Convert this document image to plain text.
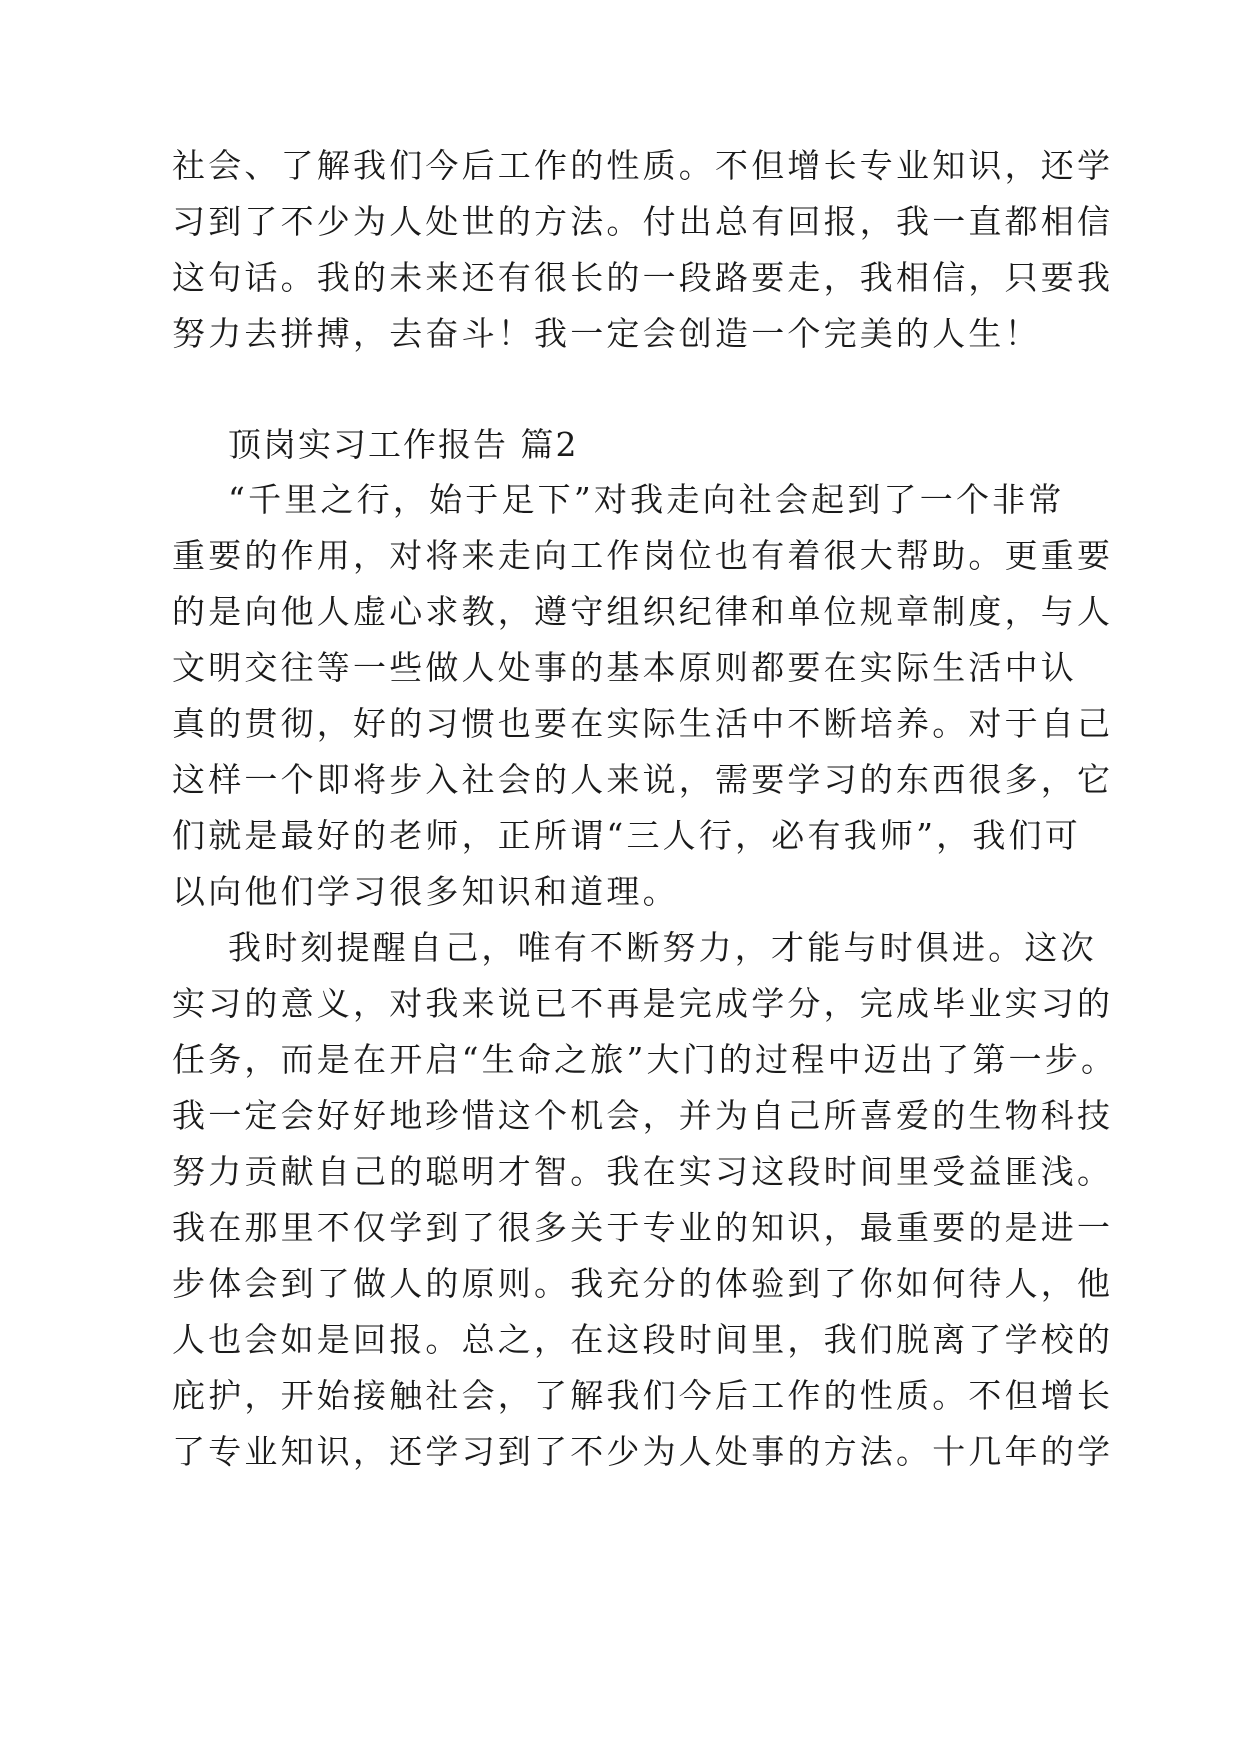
社会、了解我们今后工作的性质。不但增长专业知识，还学
习到了不少为人处世的方法。付出总有回报，我一直都相信
这句话。我的未来还有很长的一段路要走，我相信，只要我
努力去拼搏，去奋斗！我一定会创造一个完美的人生！
顶岗实习工作报告 篇2
“千里之行，始于足下”对我走向社会起到了一个非常
重要的作用，对将来走向工作岗位也有着很大帮助。更重要
的是向他人虚心求教，遵守组织纪律和单位规章制度，与人
文明交往等一些做人处事的基本原则都要在实际生活中认
真的贯彻，好的习惯也要在实际生活中不断培养。对于自己
这样一个即将步入社会的人来说，需要学习的东西很多，它
们就是最好的老师，正所谓“三人行，必有我师”，我们可
以向他们学习很多知识和道理。
我时刻提醒自己，唯有不断努力，才能与时俱进。这次
实习的意义，对我来说已不再是完成学分，完成毕业实习的
任务，而是在开启“生命之旅”大门的过程中迈出了第一步。
我一定会好好地珍惜这个机会，并为自己所喜爱的生物科技
努力贡献自己的聪明才智。我在实习这段时间里受益匪浅。
我在那里不仅学到了很多关于专业的知识，最重要的是进一
步体会到了做人的原则。我充分的体验到了你如何待人，他
人也会如是回报。总之，在这段时间里，我们脱离了学校的
庇护，开始接触社会，了解我们今后工作的性质。不但增长
了专业知识，还学习到了不少为人处事的方法。十几年的学
